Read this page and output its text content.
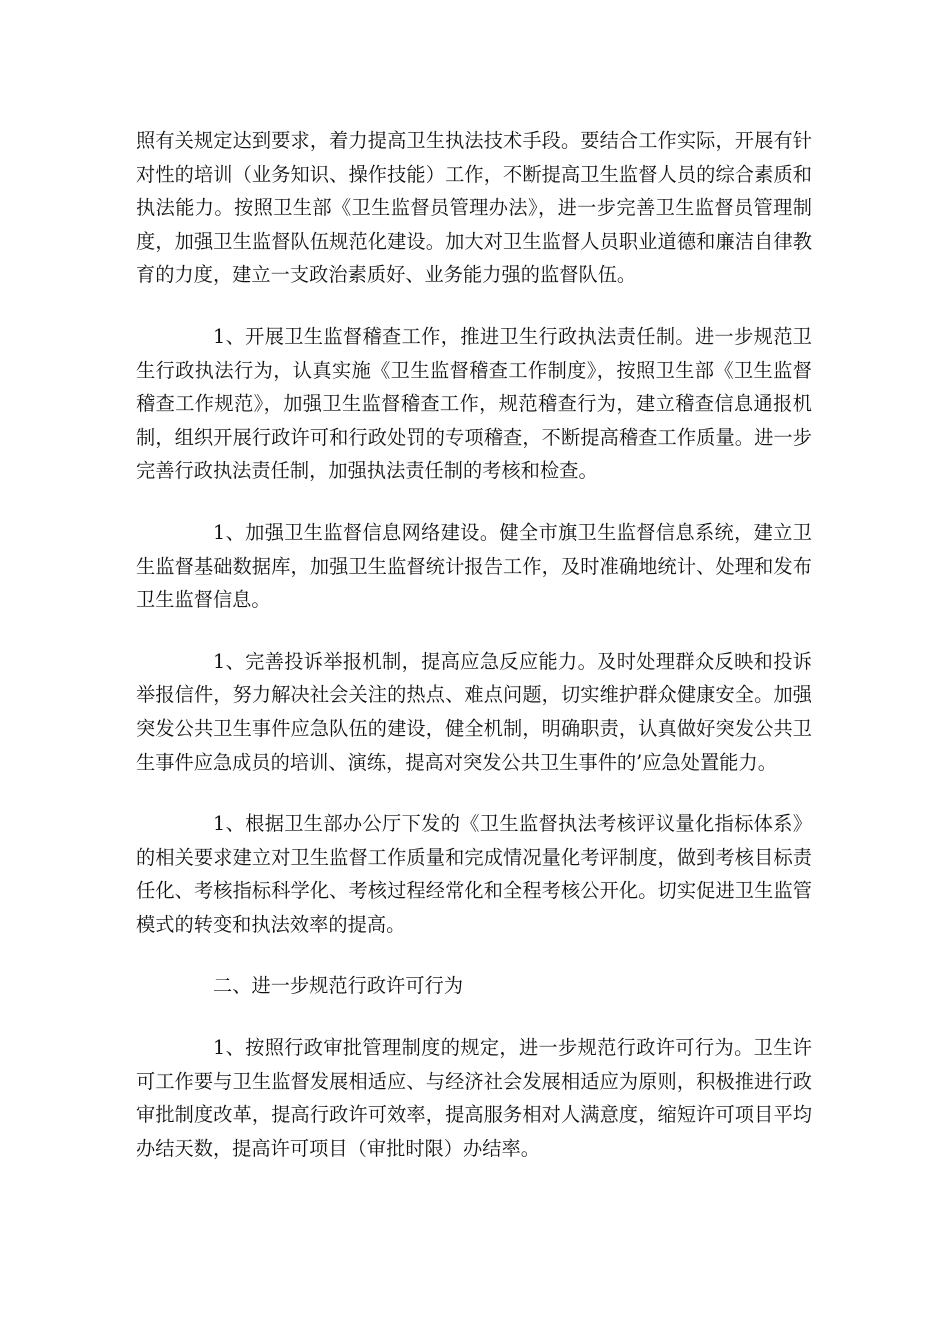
照有关规定达到要求，着力提高卫生执法技术手段。要结合工作实际，开展有针对性的培训（业务知识、操作技能）工作，不断提高卫生监督人员的综合素质和执法能力。按照卫生部《卫生监督员管理办法》，进一步完善卫生监督员管理制度，加强卫生监督队伍规范化建设。加大对卫生监督人员职业道德和廉洁自律教育的力度，建立一支政治素质好、业务能力强的监督队伍。

1、开展卫生监督稽查工作，推进卫生行政执法责任制。进一步规范卫生行政执法行为，认真实施《卫生监督稽查工作制度》，按照卫生部《卫生监督稽查工作规范》，加强卫生监督稽查工作，规范稽查行为，建立稽查信息通报机制，组织开展行政许可和行政处罚的专项稽查，不断提高稽查工作质量。进一步完善行政执法责任制，加强执法责任制的考核和检查。

1、加强卫生监督信息网络建设。健全市旗卫生监督信息系统，建立卫生监督基础数据库，加强卫生监督统计报告工作，及时准确地统计、处理和发布卫生监督信息。

1、完善投诉举报机制，提高应急反应能力。及时处理群众反映和投诉举报信件，努力解决社会关注的热点、难点问题，切实维护群众健康安全。加强突发公共卫生事件应急队伍的建设，健全机制，明确职责，认真做好突发公共卫生事件应急成员的培训、演练，提高对突发公共卫生事件的’应急处置能力。

1、根据卫生部办公厅下发的《卫生监督执法考核评议量化指标体系》的相关要求建立对卫生监督工作质量和完成情况量化考评制度，做到考核目标责任化、考核指标科学化、考核过程经常化和全程考核公开化。切实促进卫生监管模式的转变和执法效率的提高。

二、进一步规范行政许可行为

1、按照行政审批管理制度的规定，进一步规范行政许可行为。卫生许可工作要与卫生监督发展相适应、与经济社会发展相适应为原则，积极推进行政审批制度改革，提高行政许可效率，提高服务相对人满意度，缩短许可项目平均办结天数，提高许可项目（审批时限）办结率。
